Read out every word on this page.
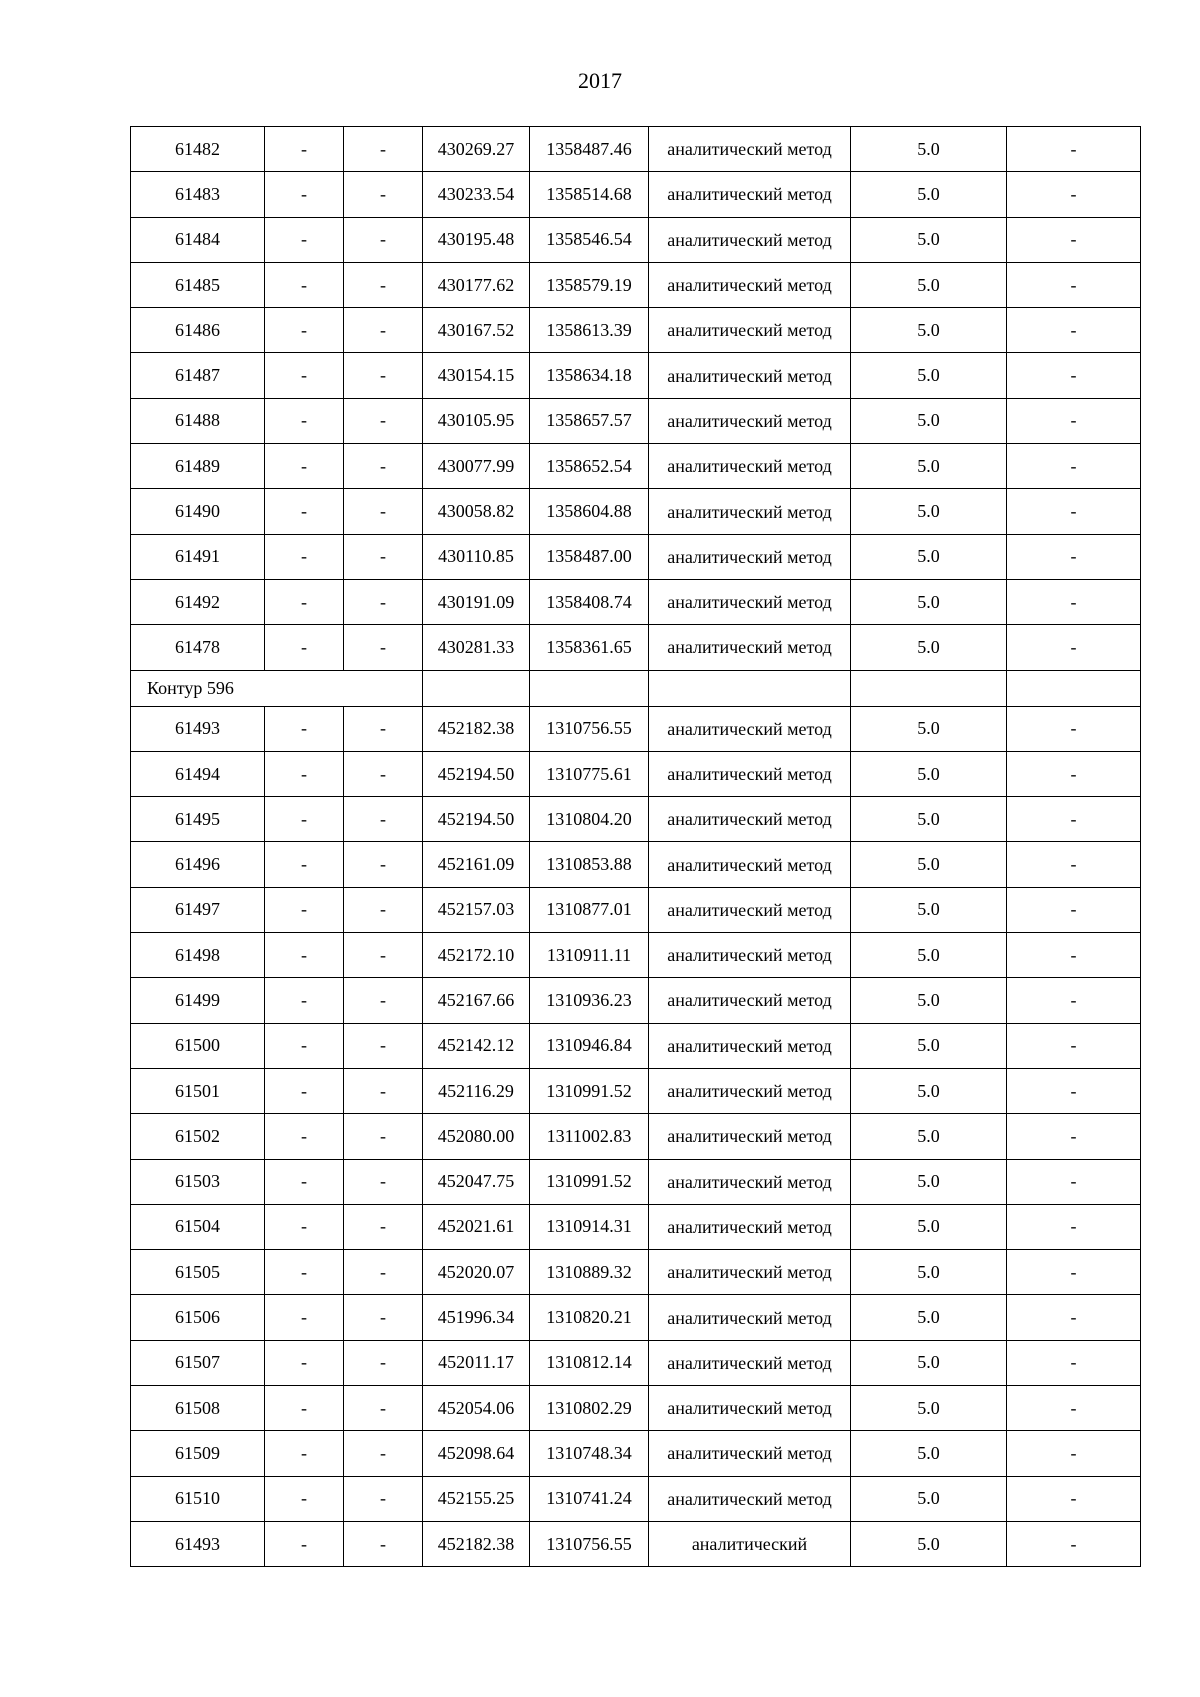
2017
61482	-	-	430269.27	1358487.46	аналитический метод	5.0	-
61483	-	-	430233.54	1358514.68	аналитический метод	5.0	-
61484	-	-	430195.48	1358546.54	аналитический метод	5.0	-
61485	-	-	430177.62	1358579.19	аналитический метод	5.0	-
61486	-	-	430167.52	1358613.39	аналитический метод	5.0	-
61487	-	-	430154.15	1358634.18	аналитический метод	5.0	-
61488	-	-	430105.95	1358657.57	аналитический метод	5.0	-
61489	-	-	430077.99	1358652.54	аналитический метод	5.0	-
61490	-	-	430058.82	1358604.88	аналитический метод	5.0	-
61491	-	-	430110.85	1358487.00	аналитический метод	5.0	-
61492	-	-	430191.09	1358408.74	аналитический метод	5.0	-
61478	-	-	430281.33	1358361.65	аналитический метод	5.0	-
Контур 596							
61493	-	-	452182.38	1310756.55	аналитический метод	5.0	-
61494	-	-	452194.50	1310775.61	аналитический метод	5.0	-
61495	-	-	452194.50	1310804.20	аналитический метод	5.0	-
61496	-	-	452161.09	1310853.88	аналитический метод	5.0	-
61497	-	-	452157.03	1310877.01	аналитический метод	5.0	-
61498	-	-	452172.10	1310911.11	аналитический метод	5.0	-
61499	-	-	452167.66	1310936.23	аналитический метод	5.0	-
61500	-	-	452142.12	1310946.84	аналитический метод	5.0	-
61501	-	-	452116.29	1310991.52	аналитический метод	5.0	-
61502	-	-	452080.00	1311002.83	аналитический метод	5.0	-
61503	-	-	452047.75	1310991.52	аналитический метод	5.0	-
61504	-	-	452021.61	1310914.31	аналитический метод	5.0	-
61505	-	-	452020.07	1310889.32	аналитический метод	5.0	-
61506	-	-	451996.34	1310820.21	аналитический метод	5.0	-
61507	-	-	452011.17	1310812.14	аналитический метод	5.0	-
61508	-	-	452054.06	1310802.29	аналитический метод	5.0	-
61509	-	-	452098.64	1310748.34	аналитический метод	5.0	-
61510	-	-	452155.25	1310741.24	аналитический метод	5.0	-
61493	-	-	452182.38	1310756.55	аналитический	5.0	-
